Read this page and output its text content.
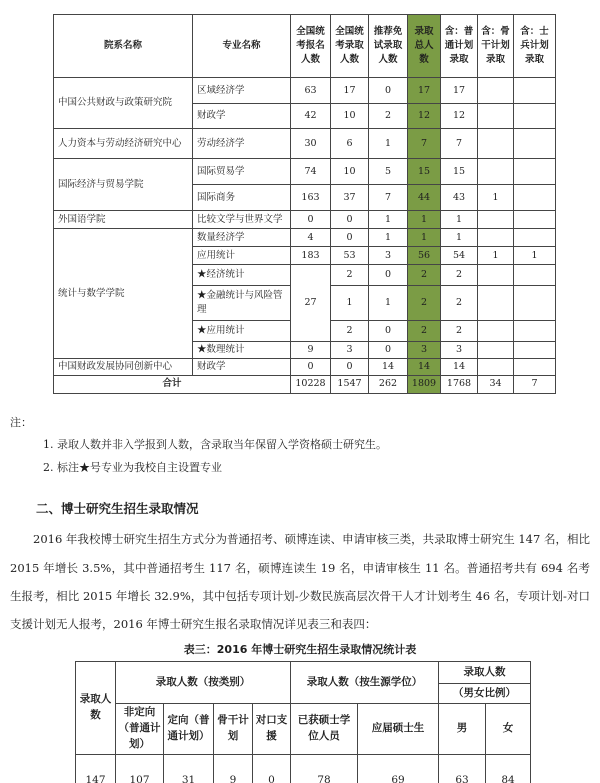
院系名称	专业名称	全国统考报名人数	全国统考录取人数	推荐免试录取人数	录取总人数	含：普通计划录取	含：骨干计划录取	含：士兵计划录取
中国公共财政与政策研究院	区域经济学	63	17	0	17	17		
	财政学	42	10	2	12	12		
人力资本与劳动经济研究中心	劳动经济学	30	6	1	7	7		
国际经济与贸易学院	国际贸易学	74	10	5	15	15		
	国际商务	163	37	7	44	43	1	
外国语学院	比较文学与世界文学	0	0	1	1	1		
统计与数学学院	数量经济学	4	0	1	1	1		
	应用统计	183	53	3	56	54	1	1
	★经济统计	27	2	0	2	2		
	★金融统计与风险管理		1	1	2	2		
	★应用统计		2	0	2	2		
	★数理统计	9	3	0	3	3		
中国财政发展协同创新中心	财政学	0	0	14	14	14		
合计		10228	1547	262	1809	1768	34	7
注：
1. 录取人数并非入学报到人数，含录取当年保留入学资格硕士研究生。
2. 标注★号专业为我校自主设置专业
二、博士研究生招生录取情况
2016 年我校博士研究生招生方式分为普通招考、硕博连读、申请审核三类，共录取博士研究生 147 名，相比 2015 年增长 3.5%，其中普通招考生 117 名，硕博连读生 19 名，申请审核生 11 名。普通招考共有 694 名考生报考，相比 2015 年增长 32.9%，其中包括专项计划-少数民族高层次骨干人才计划考生 46 名，专项计划-对口支援计划无人报考，2016 年博士研究生报名录取情况详见表三和表四：
表三：2016 年博士研究生招生录取情况统计表
录取人数	录取人数（按类别）				录取人数（按生源学位）		录取人数	
							（男女比例）	
	非定向（普通计划）	定向（普通计划）	骨干计划	对口支援	已获硕士学位人员	应届硕士生	男	女
147	107	31	9	0	78	69	63	84
